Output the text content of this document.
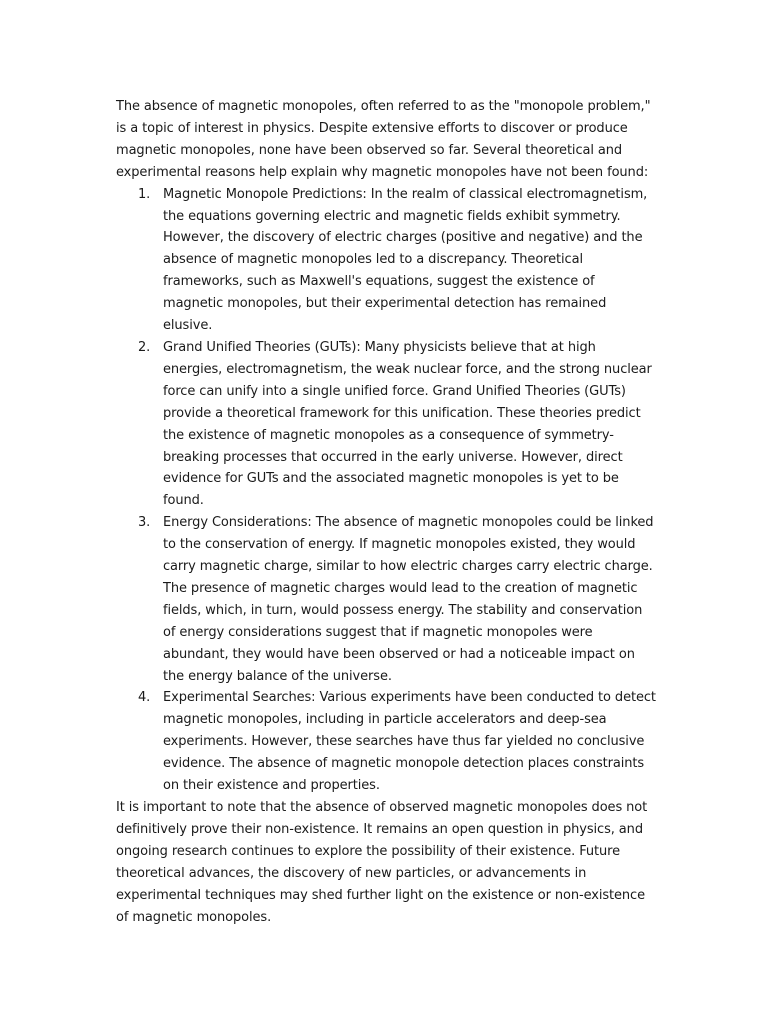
The absence of magnetic monopoles, often referred to as the "monopole problem," is a topic of interest in physics. Despite extensive efforts to discover or produce magnetic monopoles, none have been observed so far. Several theoretical and experimental reasons help explain why magnetic monopoles have not been found:

1. Magnetic Monopole Predictions: In the realm of classical electromagnetism, the equations governing electric and magnetic fields exhibit symmetry. However, the discovery of electric charges (positive and negative) and the absence of magnetic monopoles led to a discrepancy. Theoretical frameworks, such as Maxwell's equations, suggest the existence of magnetic monopoles, but their experimental detection has remained elusive.
2. Grand Unified Theories (GUTs): Many physicists believe that at high energies, electromagnetism, the weak nuclear force, and the strong nuclear force can unify into a single unified force. Grand Unified Theories (GUTs) provide a theoretical framework for this unification. These theories predict the existence of magnetic monopoles as a consequence of symmetry-breaking processes that occurred in the early universe. However, direct evidence for GUTs and the associated magnetic monopoles is yet to be found.
3. Energy Considerations: The absence of magnetic monopoles could be linked to the conservation of energy. If magnetic monopoles existed, they would carry magnetic charge, similar to how electric charges carry electric charge. The presence of magnetic charges would lead to the creation of magnetic fields, which, in turn, would possess energy. The stability and conservation of energy considerations suggest that if magnetic monopoles were abundant, they would have been observed or had a noticeable impact on the energy balance of the universe.
4. Experimental Searches: Various experiments have been conducted to detect magnetic monopoles, including in particle accelerators and deep-sea experiments. However, these searches have thus far yielded no conclusive evidence. The absence of magnetic monopole detection places constraints on their existence and properties.

It is important to note that the absence of observed magnetic monopoles does not definitively prove their non-existence. It remains an open question in physics, and ongoing research continues to explore the possibility of their existence. Future theoretical advances, the discovery of new particles, or advancements in experimental techniques may shed further light on the existence or non-existence of magnetic monopoles.
